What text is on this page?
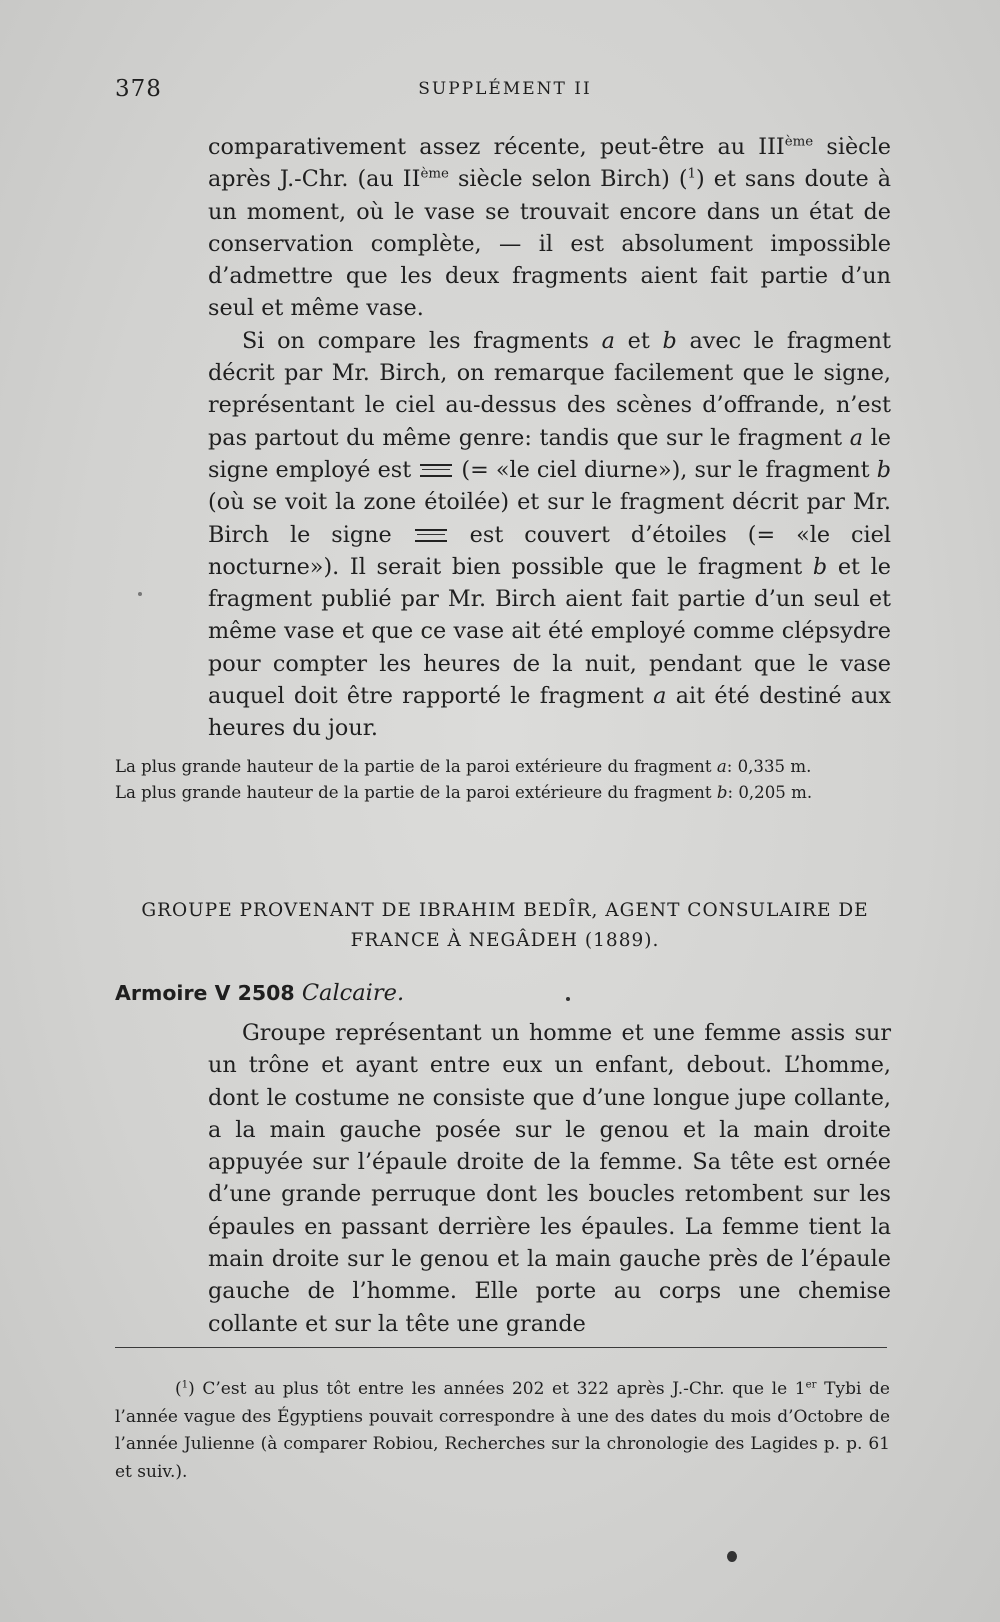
378	SUPPLÉMENT II

comparativement assez récente, peut-être au IIIème siècle après J.-Chr. (au IIème siècle selon Birch) ($^1$) et sans doute à un moment, où le vase se trouvait encore dans un état de conservation complète, — il est absolument impossible d’admettre que les deux fragments aient fait partie d’un seul et même vase.

Si on compare les fragments a et b avec le fragment décrit par Mr. Birch, on remarque facilement que le signe, représentant le ciel au-dessus des scènes d’offrande, n’est pas partout du même genre: tandis que sur le fragment a le signe employé est  (= «le ciel diurne»), sur le fragment b (où se voit la zone étoilée) et sur le fragment décrit par Mr. Birch le signe  est couvert d’étoiles (= «le ciel nocturne»). Il serait bien possible que le fragment b et le fragment publié par Mr. Birch aient fait partie d’un seul et même vase et que ce vase ait été employé comme clépsydre pour compter les heures de la nuit, pendant que le vase auquel doit être rapporté le fragment a ait été destiné aux heures du jour.

La plus grande hauteur de la partie de la paroi extérieure du fragment a: 0,335 m.
La plus grande hauteur de la partie de la paroi extérieure du fragment b: 0,205 m.
GROUPE PROVENANT DE IBRAHIM BEDÎR, AGENT CONSULAIRE DE
FRANCE À NEGÂDEH (1889).
Armoire V 2508 Calcaire.

Groupe représentant un homme et une femme assis sur un trône et ayant entre eux un enfant, debout. L’homme, dont le costume ne consiste que d’une longue jupe collante, a la main gauche posée sur le genou et la main droite appuyée sur l’épaule droite de la femme. Sa tête est ornée d’une grande perruque dont les boucles retombent sur les épaules en passant derrière les épaules. La femme tient la main droite sur le genou et la main gauche près de l’épaule gauche de l’homme. Elle porte au corps une chemise collante et sur la tête une grande

($^1$) C’est au plus tôt entre les années 202 et 322 après J.-Chr. que le 1er Tybi de l’année vague des Égyptiens pouvait correspondre à une des dates du mois d’Octobre de l’année Julienne (à comparer Robiou, Recherches sur la chronologie des Lagides p. p. 61 et suiv.).
